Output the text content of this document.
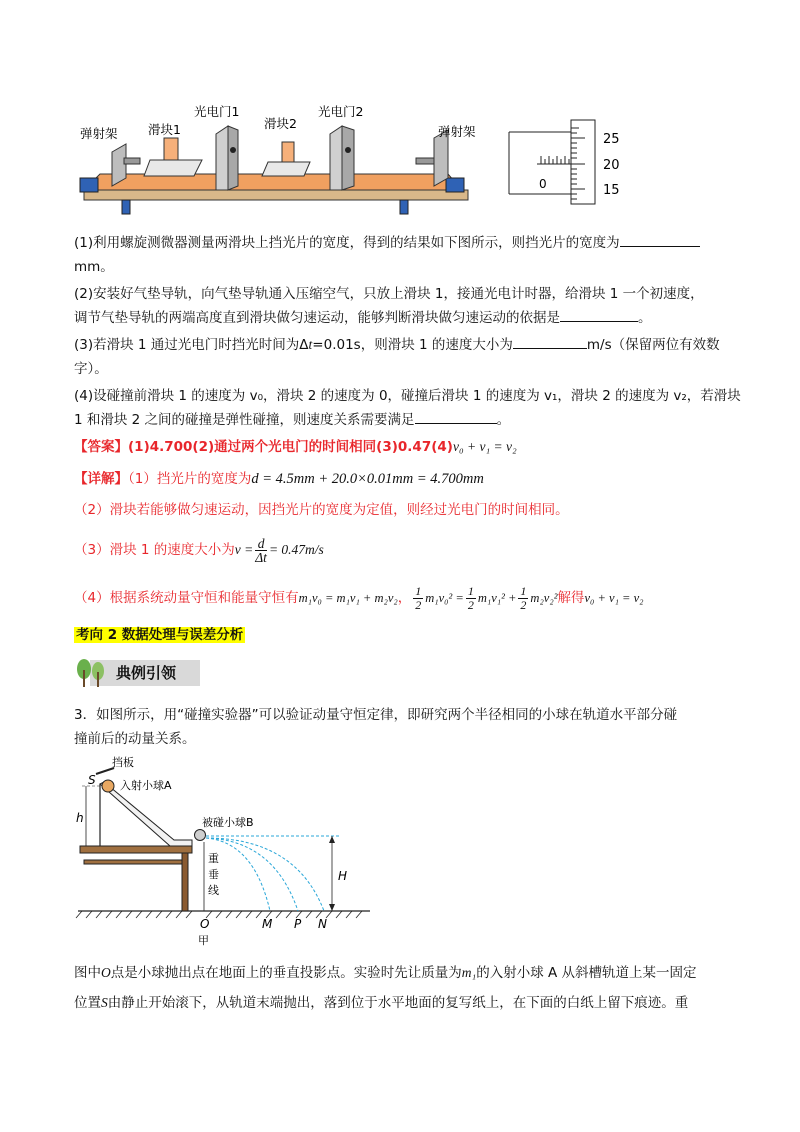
弹射架 滑块1
光电门1
滑块2
光电门2
弹射架
0
25
20
15
(1)利用螺旋测微器测量两滑块上挡光片的宽度，得到的结果如下图所示，则挡光片的宽度为
mm。
(2)安装好气垫导轨，向气垫导轨通入压缩空气，只放上滑块 1，接通光电计时器，给滑块 1 一个初速度，
调节气垫导轨的两端高度直到滑块做匀速运动，能够判断滑块做匀速运动的依据是	。
(3)若滑块 1 通过光电门时挡光时间为Δt=0.01s，则滑块 1 的速度大小为	m/s（保留两位有效数
字）。
(4)设碰撞前滑块 1 的速度为 v₀，滑块 2 的速度为 0，碰撞后滑块 1 的速度为 v₁，滑块 2 的速度为 v₂，若滑块
1 和滑块 2 之间的碰撞是弹性碰撞，则速度关系需要满足	。
【答案】(1)4.700(2)通过两个光电门的时间相同(3)0.47(4)v₀ + v₁ = v₂
【详解】（1）挡光片的宽度为d = 4.5mm + 20.0×0.01mm = 4.700mm
（2）滑块若能够做匀速运动，因挡光片的宽度为定值，则经过光电门的时间相同。
（3）滑块 1 的速度大小为$v = \frac{d}{\Delta t} = 0.47m/s$
（4）根据系统动量守恒和能量守恒有m₁v₀ = m₁v₁ + m₂v₂， $\frac{1}{2} m_1v_0^2 = \frac{1}{2} m_1v_1^2 + \frac{1}{2} m_2v_2^2$解得v₀ + v₁ = v₂
考向 2 数据处理与误差分析
典例引领
3．如图所示，用“碰撞实验器”可以验证动量守恒定律，即研究两个半径相同的小球在轨道水平部分碰
撞前后的动量关系。
挡板
S 入射小球A
h	被碰小球B
重
垂
线
H
O
甲
M P N
图中O点是小球抛出点在地面上的垂直投影点。实验时先让质量为m₁的入射小球 A 从斜槽轨道上某一固定
位置S由静止开始滚下，从轨道末端抛出，落到位于水平地面的复写纸上，在下面的白纸上留下痕迹。重
